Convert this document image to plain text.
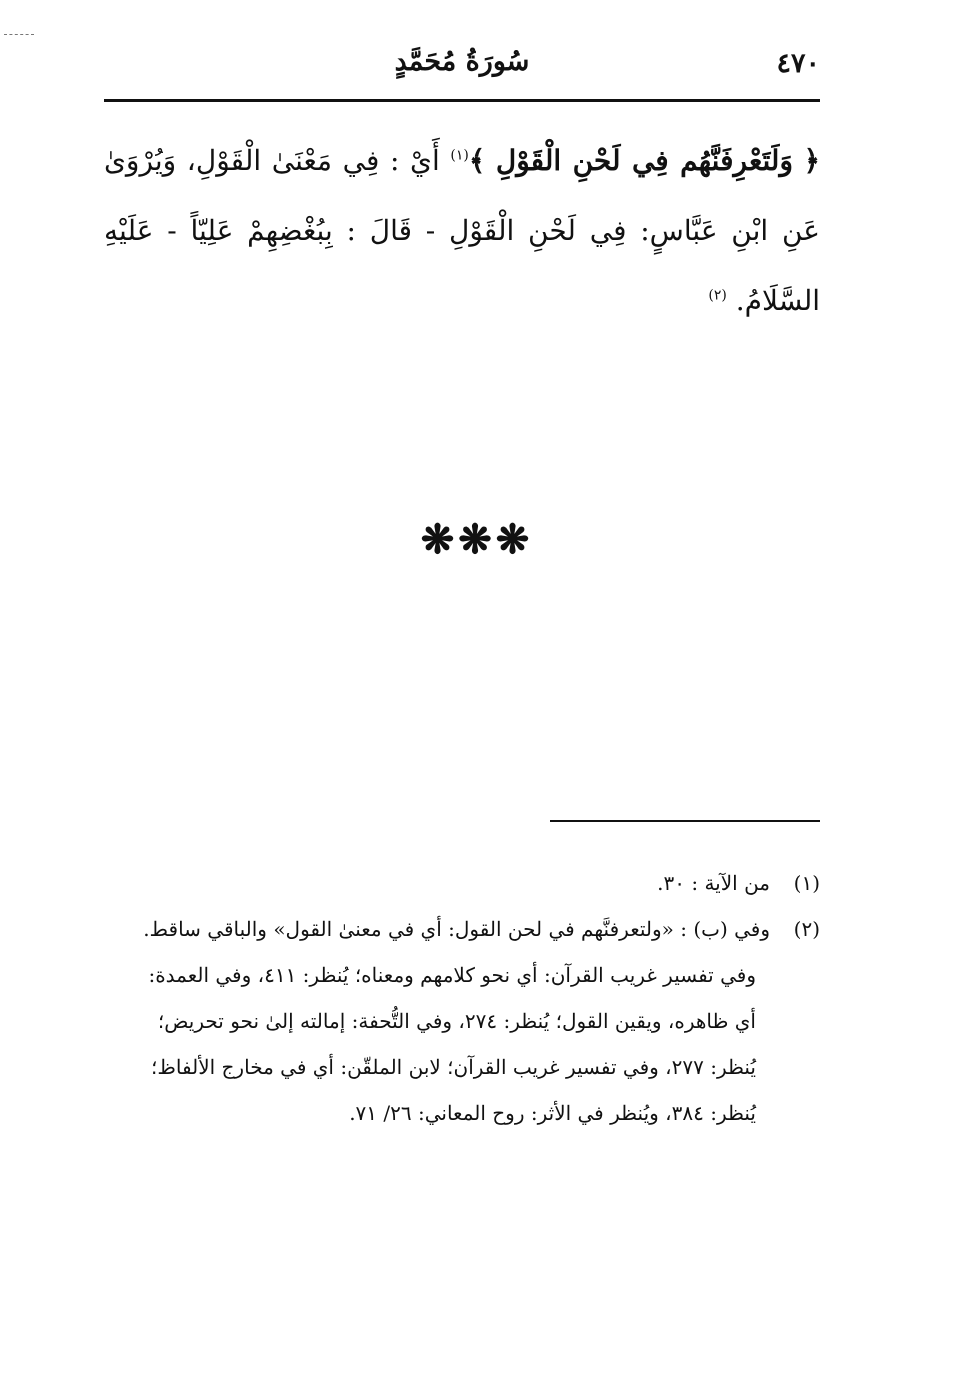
٤٧٠
سُورَةُ مُحَمَّدٍ
﴿ وَلَتَعْرِفَنَّهُم فِي لَحْنِ الْقَوْلِ ﴾$^{(١)}$ أَيْ : فِي مَعْنَىٰ الْقَوْلِ، وَيُرْوَىٰ عَنِ ابْنِ عَبَّاسٍ: فِي لَحْنِ الْقَوْلِ - قَالَ : بِبُغْضِهِمْ عَلِيّاً - عَلَيْهِ السَّلَامُ. $^{(٢)}$
❋❋❋
(١)
من الآية : ٣٠.
(٢)
وفي (ب) : «ولتعرفنَّهم في لحن القول: أي في معنىٰ القول» والباقي ساقط.
وفي تفسير غريب القرآن: أي نحو كلامهم ومعناه؛ يُنظر: ٤١١، وفي العمدة:
أي ظاهره، ويقين القول؛ يُنظر: ٢٧٤، وفي التُّحفة: إمالته إلىٰ نحو تحريض؛
يُنظر: ٢٧٧، وفي تفسير غريب القرآن؛ لابن الملقّن: أي في مخارج الألفاظ؛
يُنظر: ٣٨٤، ويُنظر في الأثر: روح المعاني: ٢٦/ ٧١.
